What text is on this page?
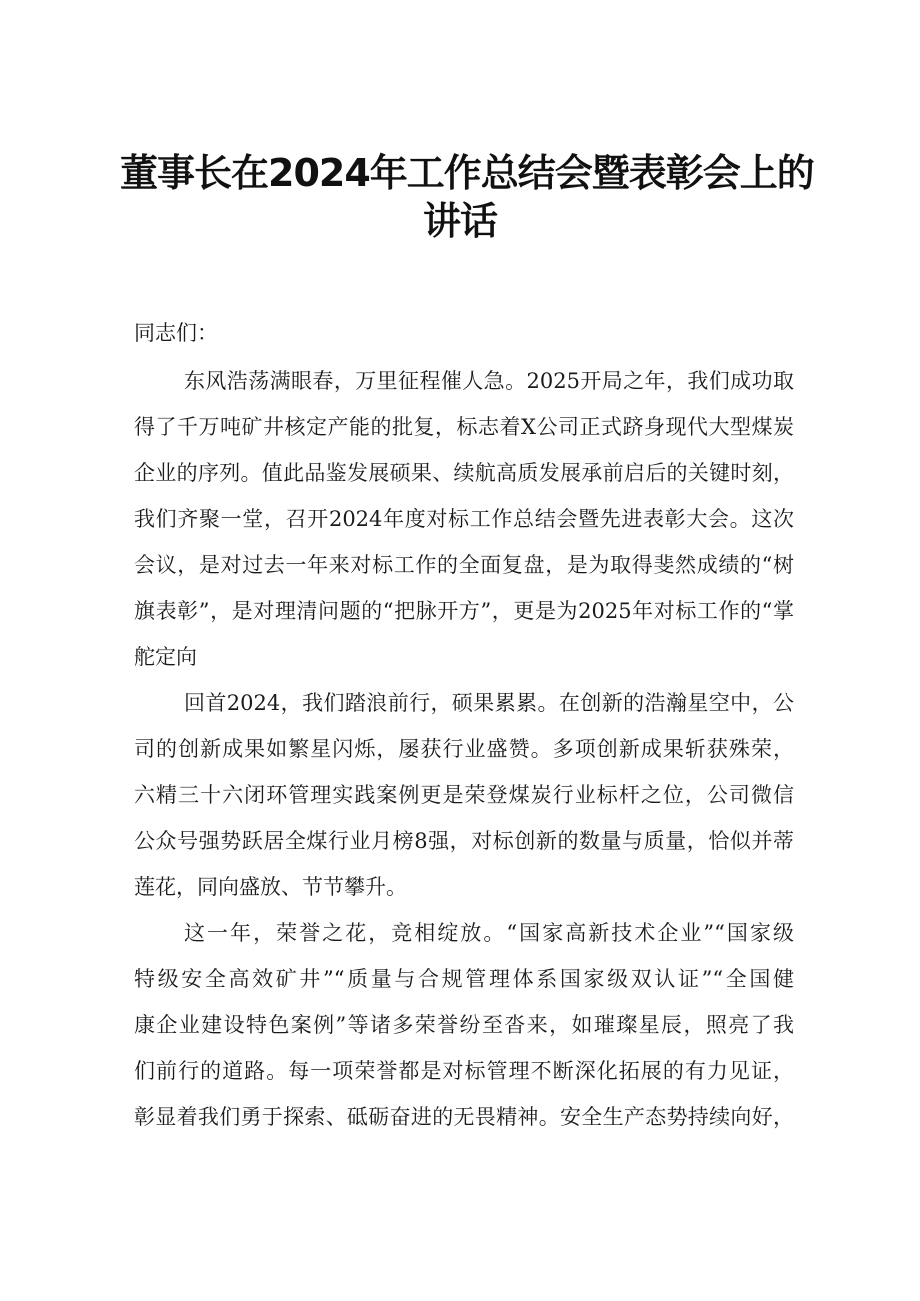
董事长在2024年工作总结会暨表彰会上的
讲话
同志们：
东风浩荡满眼春，万里征程催人急。2025开局之年，我们成功取
得了千万吨矿井核定产能的批复，标志着X公司正式跻身现代大型煤炭
企业的序列。值此品鉴发展硕果、续航高质发展承前启后的关键时刻，
我们齐聚一堂，召开2024年度对标工作总结会暨先进表彰大会。这次
会议，是对过去一年来对标工作的全面复盘，是为取得斐然成绩的“树
旗表彰”，是对理清问题的“把脉开方”，更是为2025年对标工作的“掌
舵定向
回首2024，我们踏浪前行，硕果累累。在创新的浩瀚星空中，公
司的创新成果如繁星闪烁，屡获行业盛赞。多项创新成果斩获殊荣，
六精三十六闭环管理实践案例更是荣登煤炭行业标杆之位，公司微信
公众号强势跃居全煤行业月榜8强，对标创新的数量与质量，恰似并蒂
莲花，同向盛放、节节攀升。
这一年，荣誉之花，竞相绽放。“国家高新技术企业”“国家级
特级安全高效矿井”“质量与合规管理体系国家级双认证”“全国健
康企业建设特色案例”等诸多荣誉纷至沓来，如璀璨星辰，照亮了我
们前行的道路。每一项荣誉都是对标管理不断深化拓展的有力见证，
彰显着我们勇于探索、砥砺奋进的无畏精神。安全生产态势持续向好，
